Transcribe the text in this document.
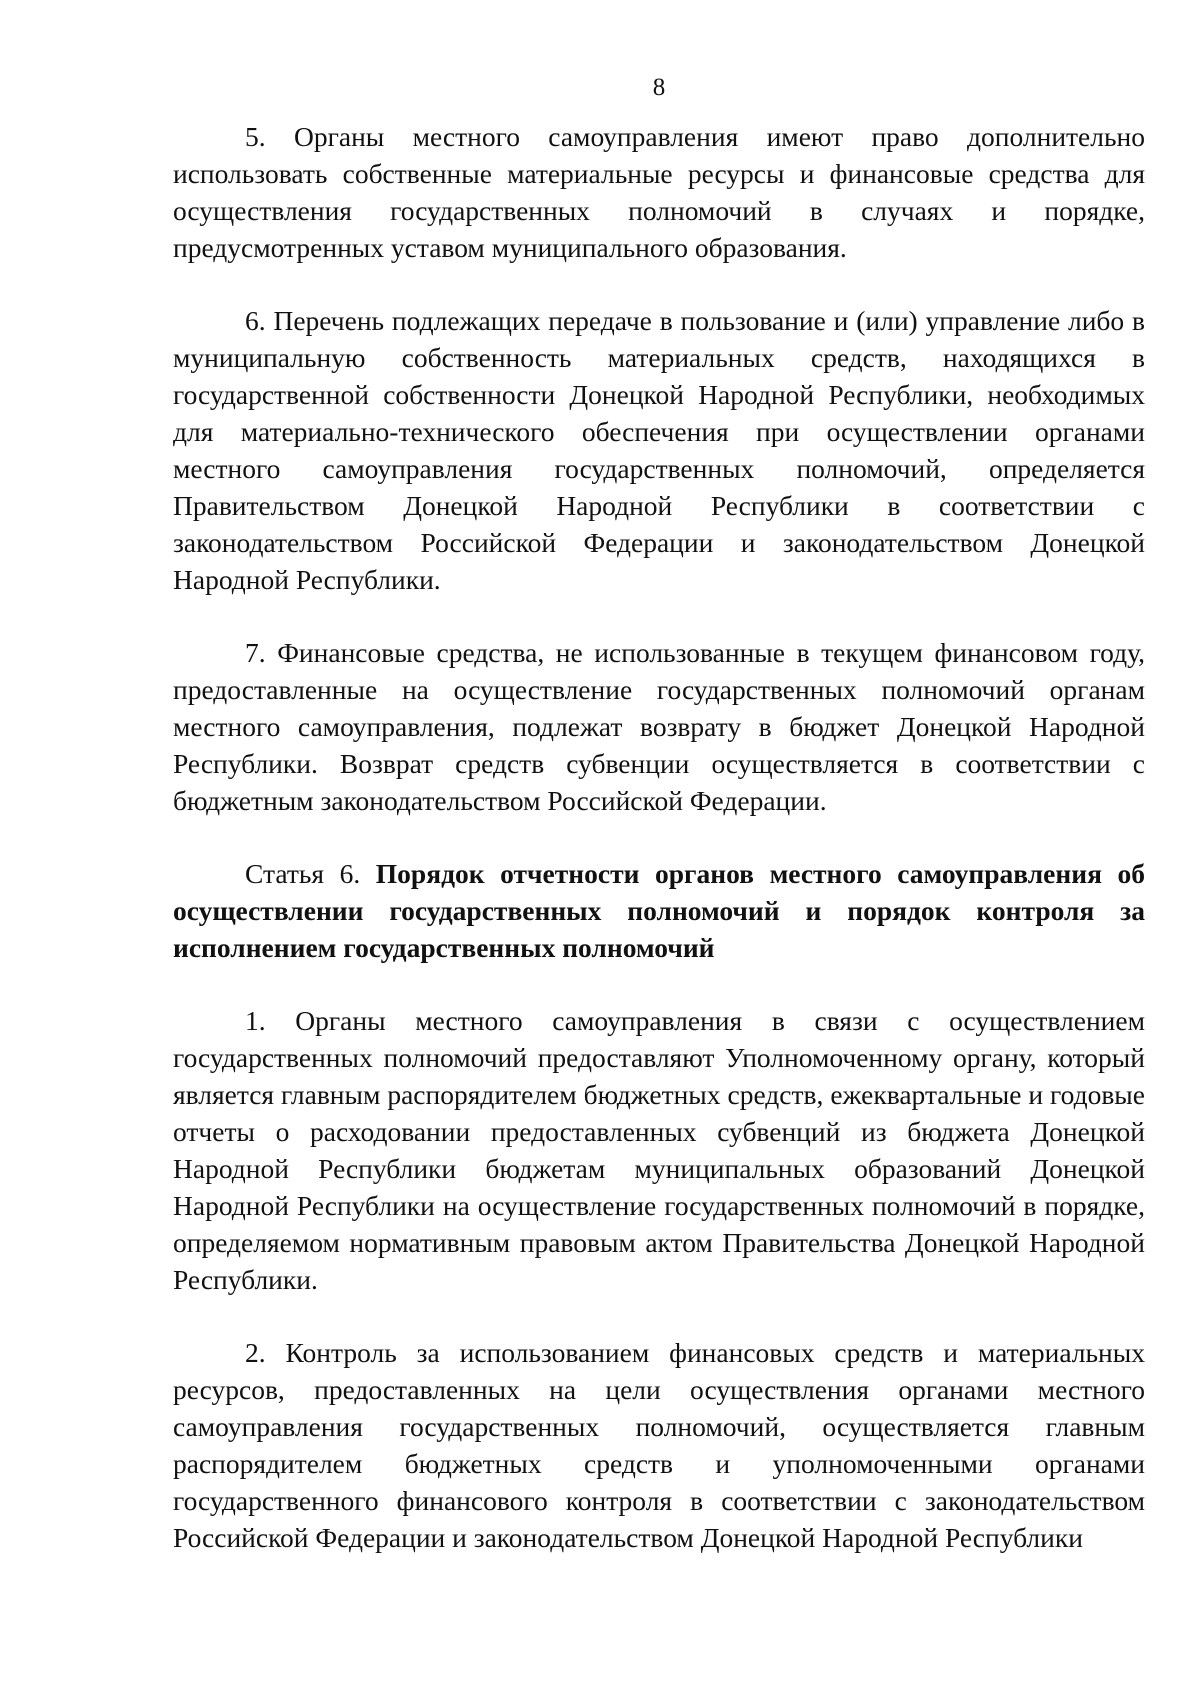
8

5. Органы местного самоуправления имеют право дополнительно использовать собственные материальные ресурсы и финансовые средства для осуществления государственных полномочий в случаях и порядке, предусмотренных уставом муниципального образования.

6. Перечень подлежащих передаче в пользование и (или) управление либо в муниципальную собственность материальных средств, находящихся в государственной собственности Донецкой Народной Республики, необходимых для материально-технического обеспечения при осуществлении органами местного самоуправления государственных полномочий, определяется Правительством Донецкой Народной Республики в соответствии с законодательством Российской Федерации и законодательством Донецкой Народной Республики.

7. Финансовые средства, не использованные в текущем финансовом году, предоставленные на осуществление государственных полномочий органам местного самоуправления, подлежат возврату в бюджет Донецкой Народной Республики. Возврат средств субвенции осуществляется в соответствии с бюджетным законодательством Российской Федерации.

Статья 6. Порядок отчетности органов местного самоуправления об осуществлении государственных полномочий и порядок контроля за исполнением государственных полномочий

1. Органы местного самоуправления в связи с осуществлением государственных полномочий предоставляют Уполномоченному органу, который является главным распорядителем бюджетных средств, ежеквартальные и годовые отчеты о расходовании предоставленных субвенций из бюджета Донецкой Народной Республики бюджетам муниципальных образований Донецкой Народной Республики на осуществление государственных полномочий в порядке, определяемом нормативным правовым актом Правительства Донецкой Народной Республики.

2. Контроль за использованием финансовых средств и материальных ресурсов, предоставленных на цели осуществления органами местного самоуправления государственных полномочий, осуществляется главным распорядителем бюджетных средств и уполномоченными органами государственного финансового контроля в соответствии с законодательством Российской Федерации и законодательством Донецкой Народной Республики
